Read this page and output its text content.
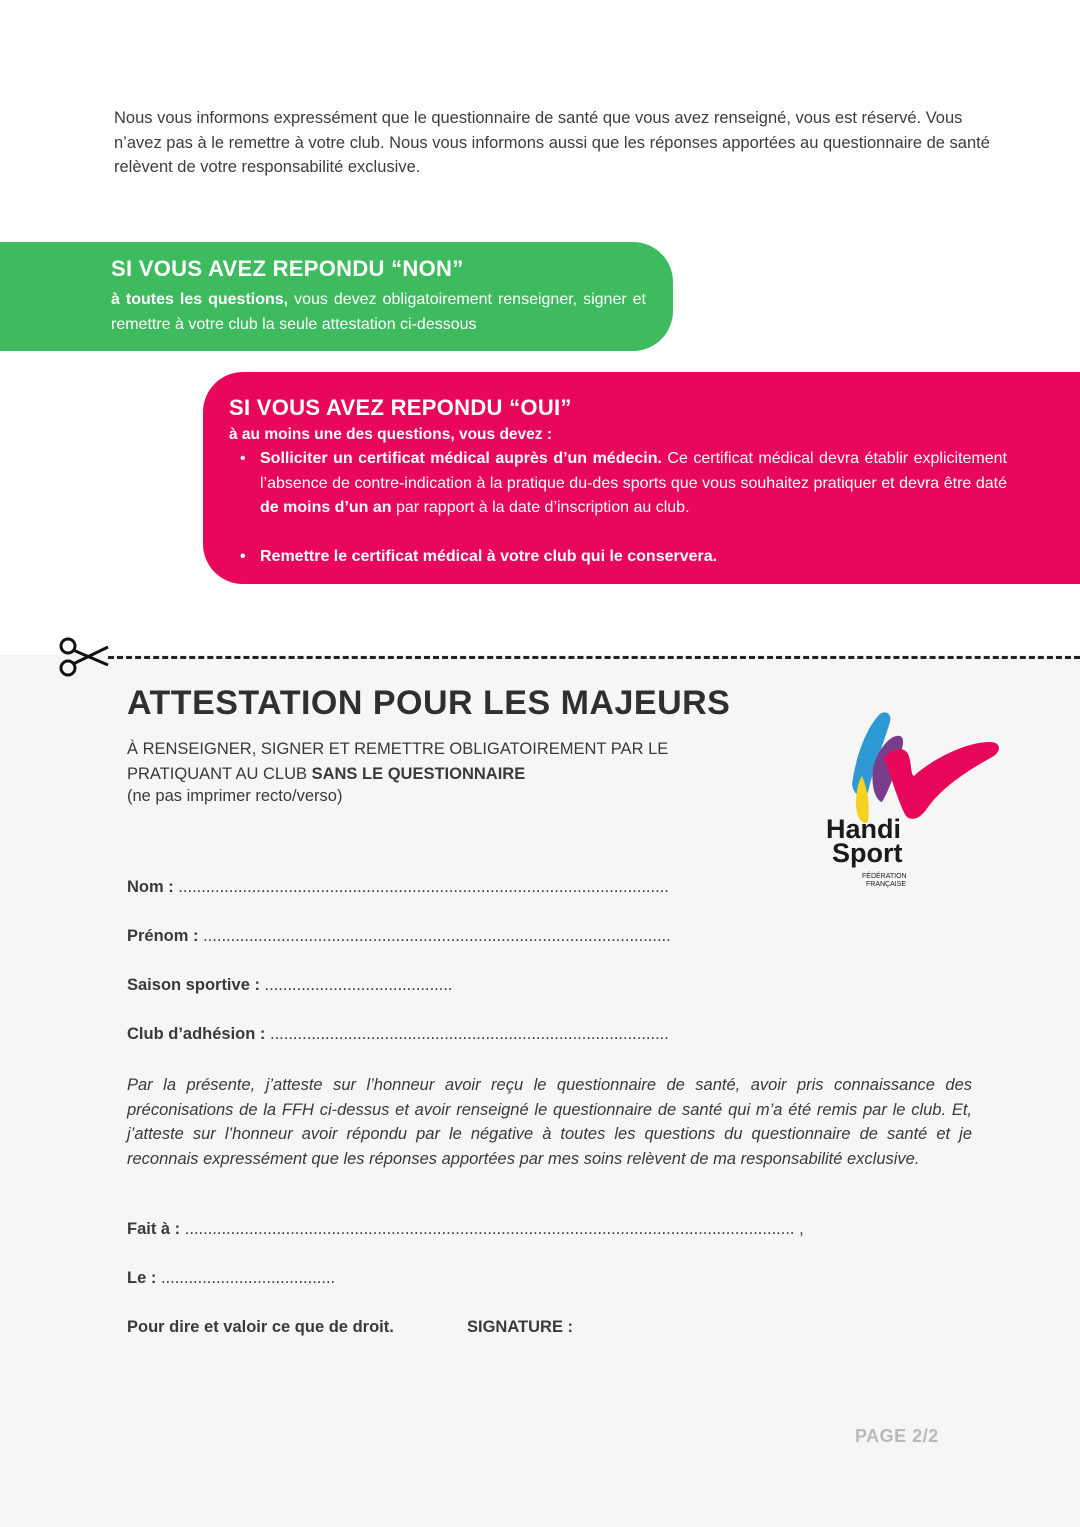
Nous vous informons expressément que le questionnaire de santé que vous avez renseigné, vous est réservé. Vous n’avez pas à le remettre à votre club. Nous vous informons aussi que les réponses apportées au questionnaire de santé relèvent de votre responsabilité exclusive.

SI VOUS AVEZ REPONDU “NON”
à toutes les questions, vous devez obligatoirement renseigner, signer et remettre à votre club la seule attestation ci-dessous
SI VOUS AVEZ REPONDU “OUI”
à au moins une des questions, vous devez :
• Solliciter un certificat médical auprès d’un médecin. Ce certificat médical devra établir explicitement l’absence de contre-indication à la pratique du-des sports que vous souhaitez pratiquer et devra être daté de moins d’un an par rapport à la date d’inscription au club.
• Remettre le certificat médical à votre club qui le conservera.
ATTESTATION POUR LES MAJEURS
À RENSEIGNER, SIGNER ET REMETTRE OBLIGATOIREMENT PAR LE PRATIQUANT AU CLUB SANS LE QUESTIONNAIRE
(ne pas imprimer recto/verso)
Handi
Sport
FÉDÉRATION
FRANÇAISE
Nom : ...........................................................................................................
Prénom : ......................................................................................................
Saison sportive : .........................................
Club d’adhésion : .......................................................................................
Par la présente, j’atteste sur l’honneur avoir reçu le questionnaire de santé, avoir pris connaissance des préconisations de la FFH ci-dessus et avoir renseigné le questionnaire de santé qui m’a été remis par le club. Et, j’atteste sur l’honneur avoir répondu par le négative à toutes les questions du questionnaire de santé et je reconnais expressément que les réponses apportées par mes soins relèvent de ma responsabilité exclusive.
Fait à : ..................................................................................................................................... ,
Le : ......................................
Pour dire et valoir ce que de droit.	SIGNATURE :
PAGE 2/2
